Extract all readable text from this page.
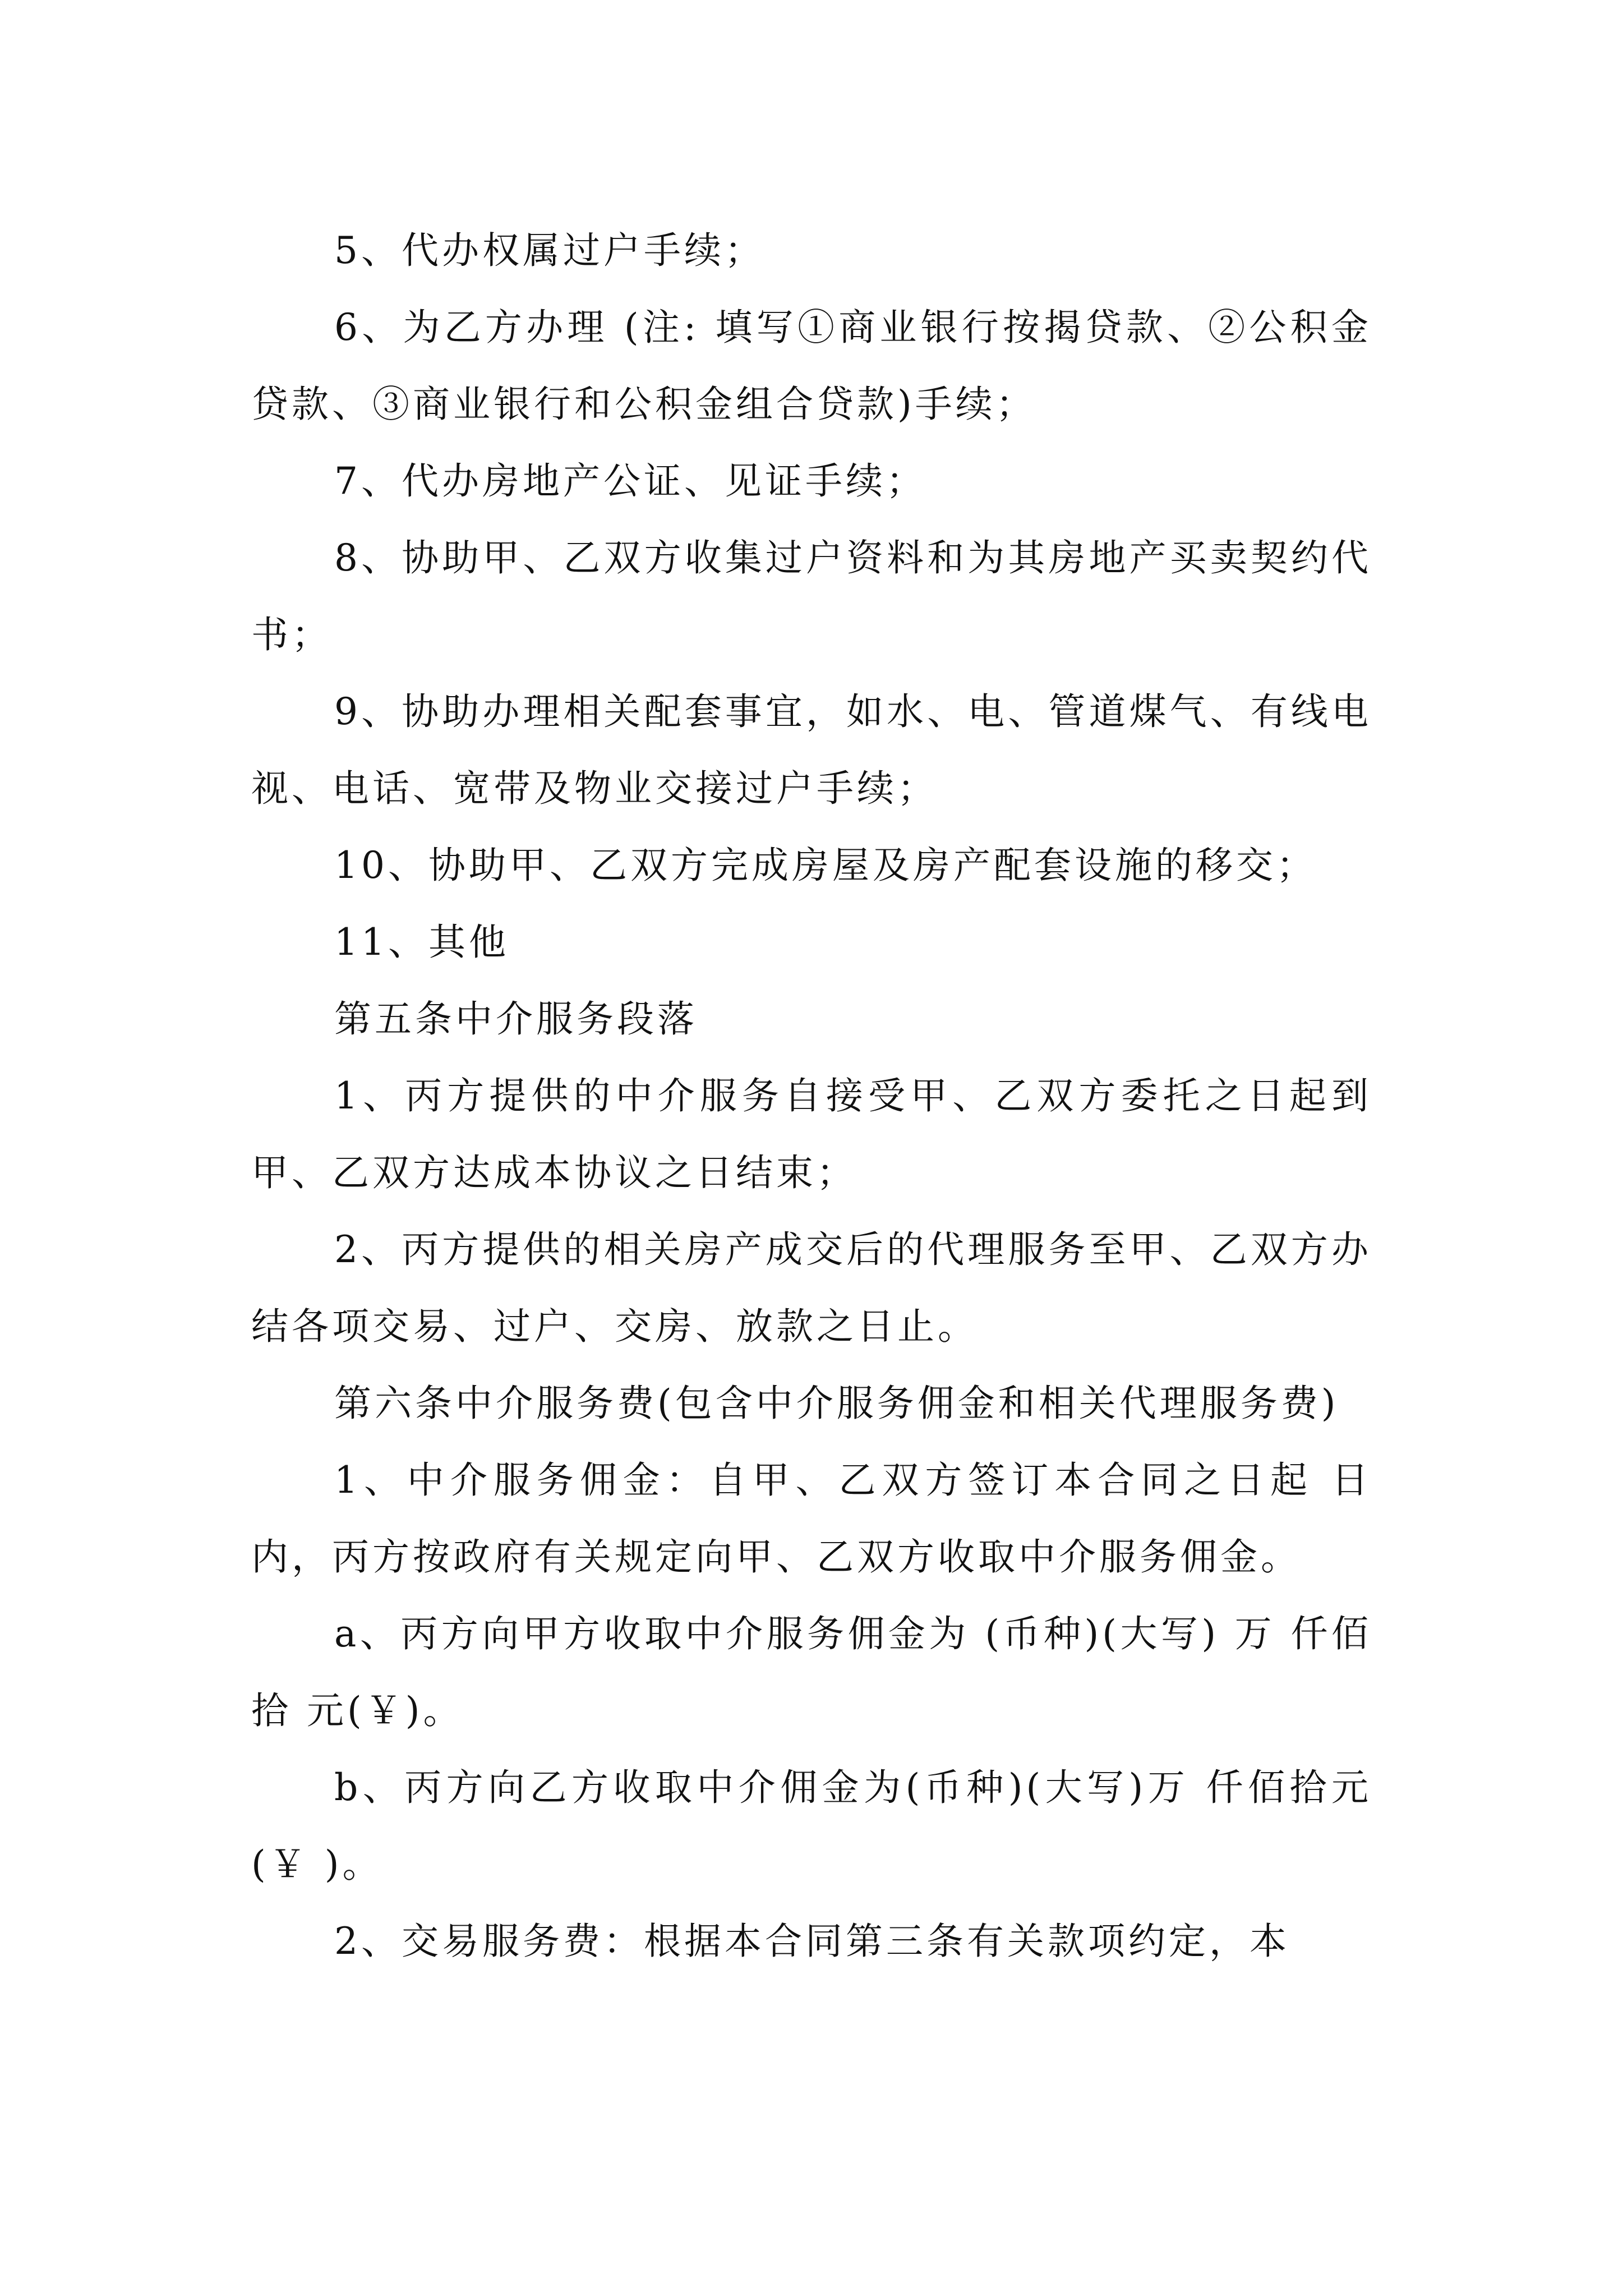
5、代办权属过户手续；

6、为乙方办理 (注: 填写①商业银行按揭贷款、②公积金贷款、③商业银行和公积金组合贷款)手续；

7、代办房地产公证、见证手续；

8、协助甲、乙双方收集过户资料和为其房地产买卖契约代书；

9、协助办理相关配套事宜，如水、电、管道煤气、有线电视、电话、宽带及物业交接过户手续；

10、协助甲、乙双方完成房屋及房产配套设施的移交；

11、其他

第五条中介服务段落

1、丙方提供的中介服务自接受甲、乙双方委托之日起到甲、乙双方达成本协议之日结束；

2、丙方提供的相关房产成交后的代理服务至甲、乙双方办结各项交易、过户、交房、放款之日止。

第六条中介服务费(包含中介服务佣金和相关代理服务费)

1、中介服务佣金：自甲、乙双方签订本合同之日起 日内，丙方按政府有关规定向甲、乙双方收取中介服务佣金。

a、丙方向甲方收取中介服务佣金为 (币种)(大写) 万 仟佰拾 元(￥)。

b、丙方向乙方收取中介佣金为(币种)(大写)万 仟佰拾元(￥ )。

2、交易服务费：根据本合同第三条有关款项约定，本
